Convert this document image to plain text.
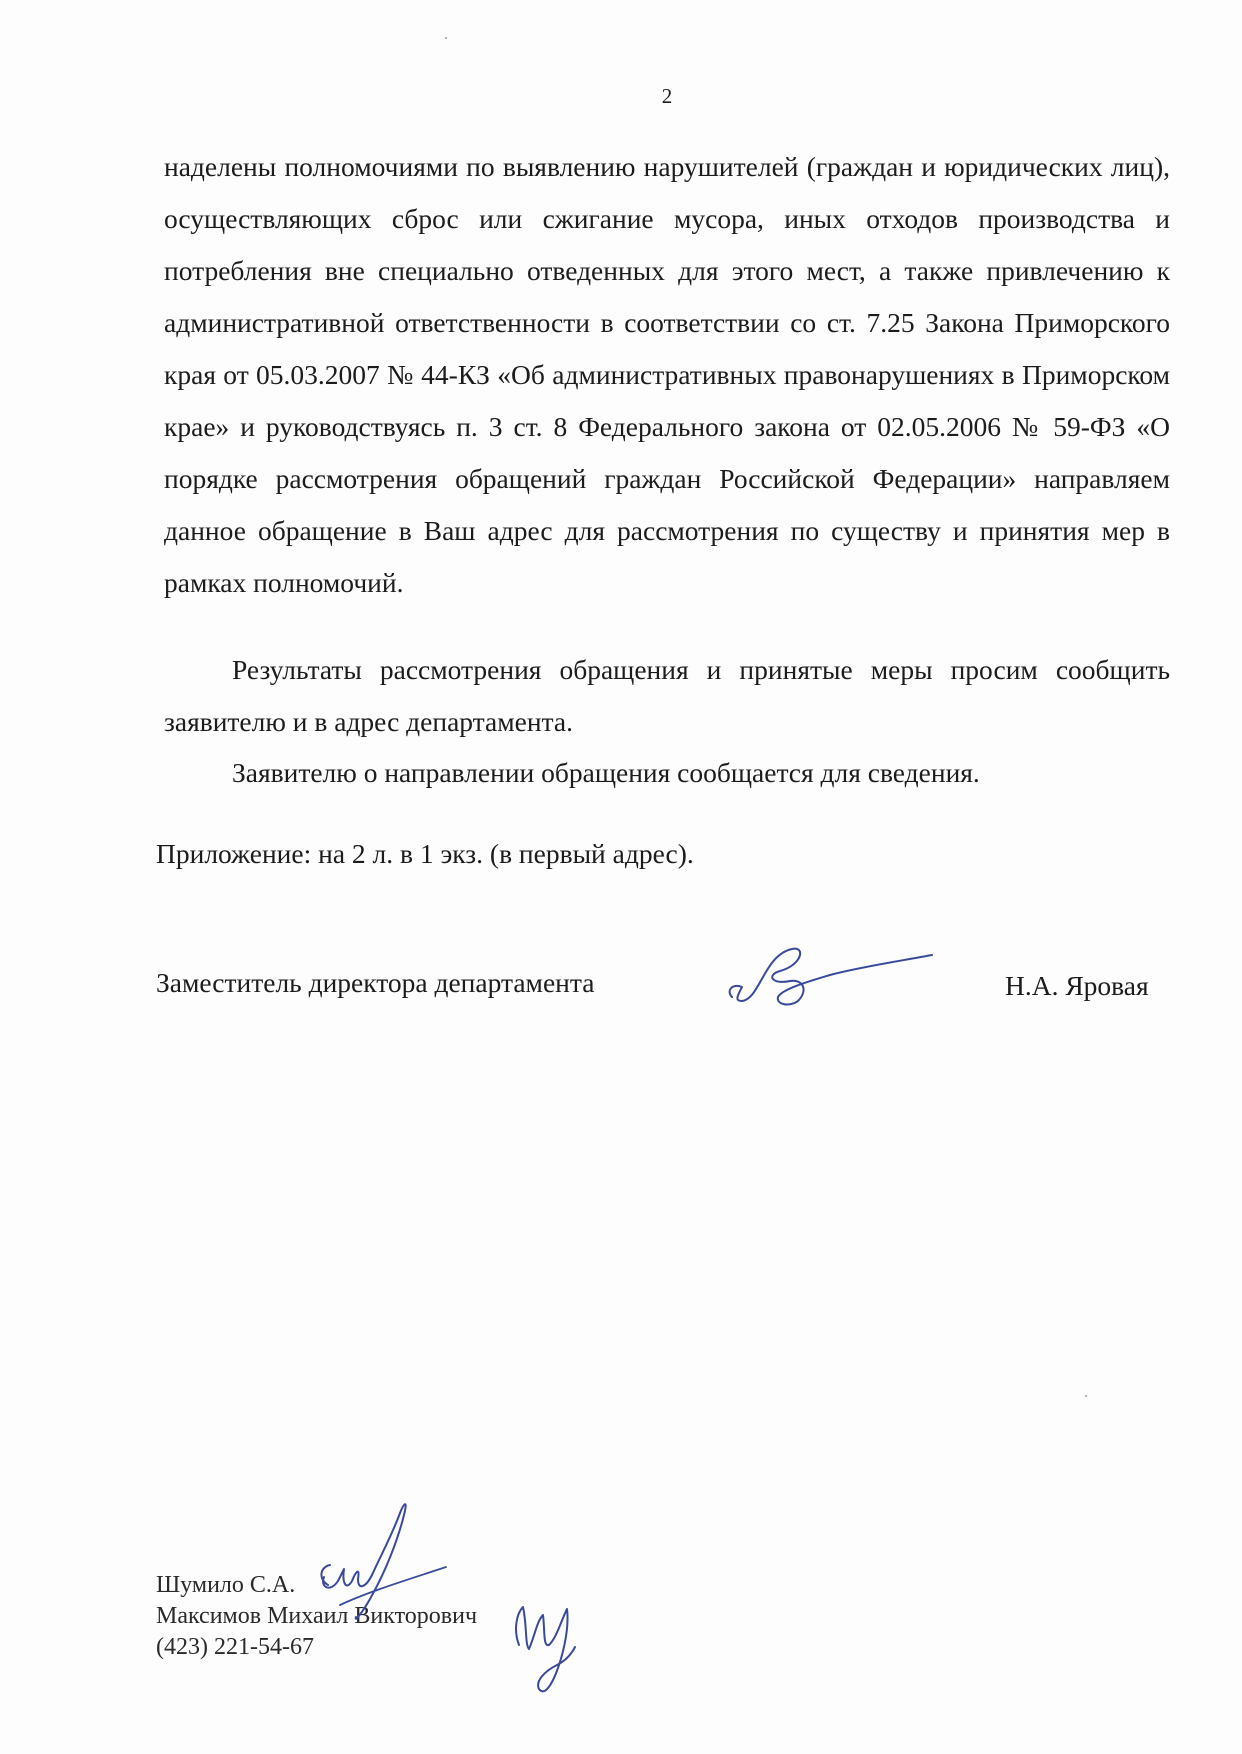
2
наделены полномочиями по выявлению нарушителей (граждан и юридических лиц), осуществляющих сброс или сжигание мусора, иных отходов производства и потребления вне специально отведенных для этого мест, а также привлечению к административной ответственности в соответствии со ст. 7.25 Закона Приморского края от 05.03.2007 № 44-КЗ «Об административных правонарушениях в Приморском крае» и руководствуясь п. 3 ст. 8 Федерального закона от 02.05.2006 № 59-ФЗ «О порядке рассмотрения обращений граждан Российской Федерации» направляем данное обращение в Ваш адрес для рассмотрения по существу и принятия мер в рамках полномочий.
Результаты рассмотрения обращения и принятые меры просим сообщить заявителю и в адрес департамента.
Заявителю о направлении обращения сообщается для сведения.
Приложение: на 2 л. в 1 экз. (в первый адрес).
Заместитель директора департамента	Н.А. Яровая
Шумило С.А.
Максимов Михаил Викторович
(423) 221-54-67
